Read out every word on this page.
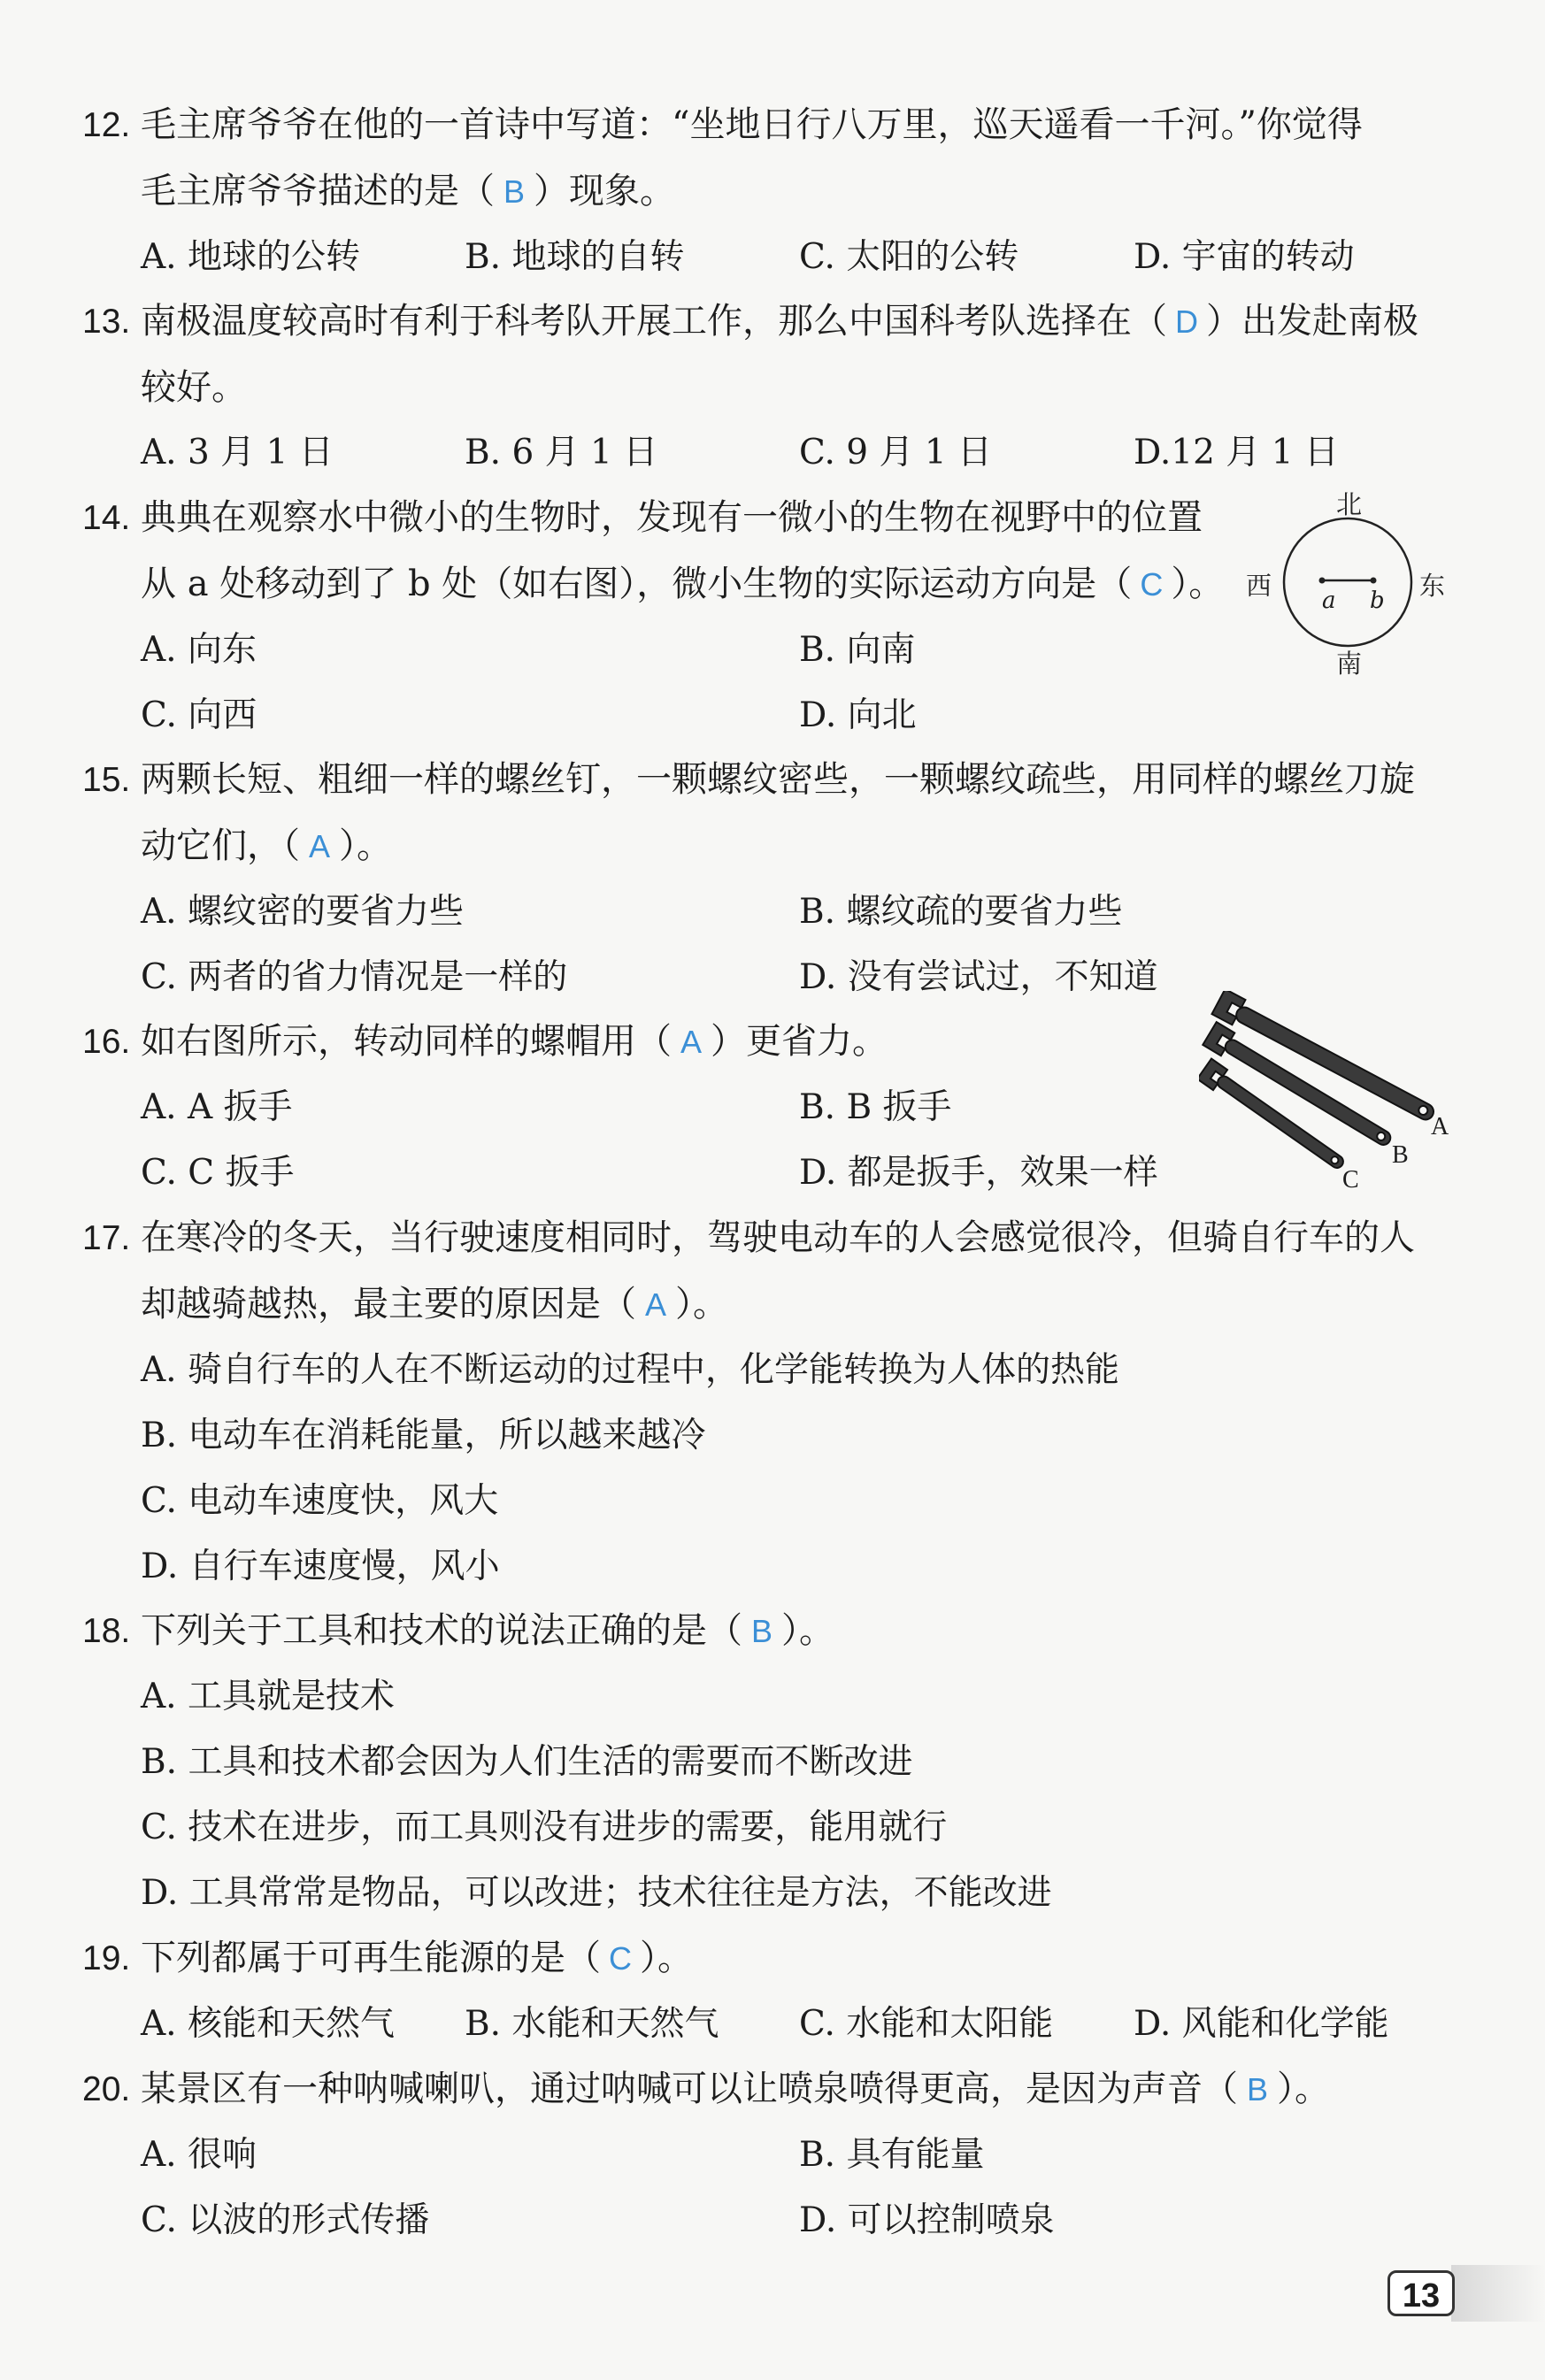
12. 毛主席爷爷在他的一首诗中写道：“坐地日行八万里，巡天遥看一千河。”你觉得
毛主席爷爷描述的是（ B ）现象。
A. 地球的公转	B. 地球的自转	C. 太阳的公转	D. 宇宙的转动
13. 南极温度较高时有利于科考队开展工作，那么中国科考队选择在（ D ）出发赴南极
较好。
A. 3 月 1 日	B. 6 月 1 日	C. 9 月 1 日	D.12 月 1 日
14. 典典在观察水中微小的生物时，发现有一微小的生物在视野中的位置
从 a 处移动到了 b 处（如右图），微小生物的实际运动方向是（ C ）。
A. 向东	B. 向南
C. 向西	D. 向北
北
南
西	东
a b
15. 两颗长短、粗细一样的螺丝钉，一颗螺纹密些，一颗螺纹疏些，用同样的螺丝刀旋
动它们，（ A ）。
A. 螺纹密的要省力些	B. 螺纹疏的要省力些
C. 两者的省力情况是一样的	D. 没有尝试过，不知道
16. 如右图所示，转动同样的螺帽用（ A ）更省力。
A. A 扳手	B. B 扳手
C. C 扳手	D. 都是扳手，效果一样
A
B
C
17. 在寒冷的冬天，当行驶速度相同时，驾驶电动车的人会感觉很冷，但骑自行车的人
却越骑越热，最主要的原因是（ A ）。
A. 骑自行车的人在不断运动的过程中，化学能转换为人体的热能
B. 电动车在消耗能量，所以越来越冷
C. 电动车速度快，风大
D. 自行车速度慢，风小
18. 下列关于工具和技术的说法正确的是（ B ）。
A. 工具就是技术
B. 工具和技术都会因为人们生活的需要而不断改进
C. 技术在进步，而工具则没有进步的需要，能用就行
D. 工具常常是物品，可以改进；技术往往是方法，不能改进
19. 下列都属于可再生能源的是（ C ）。
A. 核能和天然气 B. 水能和天然气 C. 水能和太阳能 D. 风能和化学能
20. 某景区有一种呐喊喇叭，通过呐喊可以让喷泉喷得更高，是因为声音（ B ）。
A. 很响	B. 具有能量
C. 以波的形式传播	D. 可以控制喷泉
13
